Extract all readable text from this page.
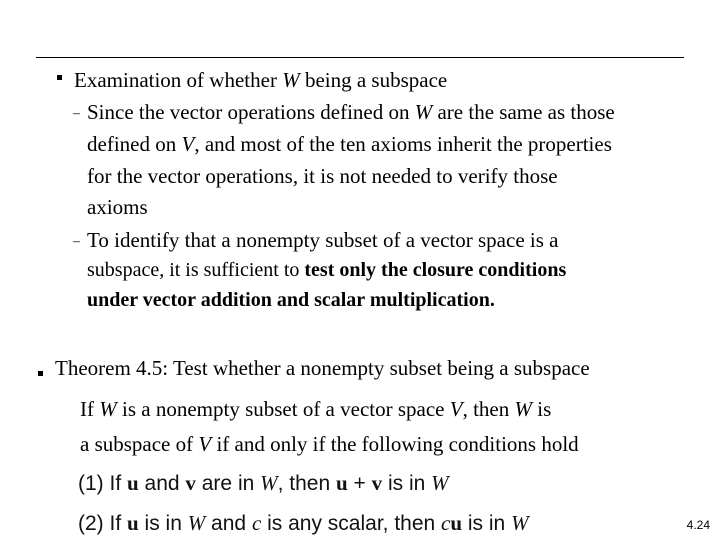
Examination of whether W being a subspace
– Since the vector operations defined on W are the same as those
defined on V, and most of the ten axioms inherit the properties
for the vector operations, it is not needed to verify those
axioms
– To identify that a nonempty subset of a vector space is a
subspace, it is sufficient to test only the closure conditions
under vector addition and scalar multiplication.
Theorem 4.5: Test whether a nonempty subset being a subspace
If W is a nonempty subset of a vector space V, then W is
a subspace of V if and only if the following conditions hold
(1) If u and v are in W, then u + v is in W
(2) If u is in W and c is any scalar, then cu is in W	4.24
